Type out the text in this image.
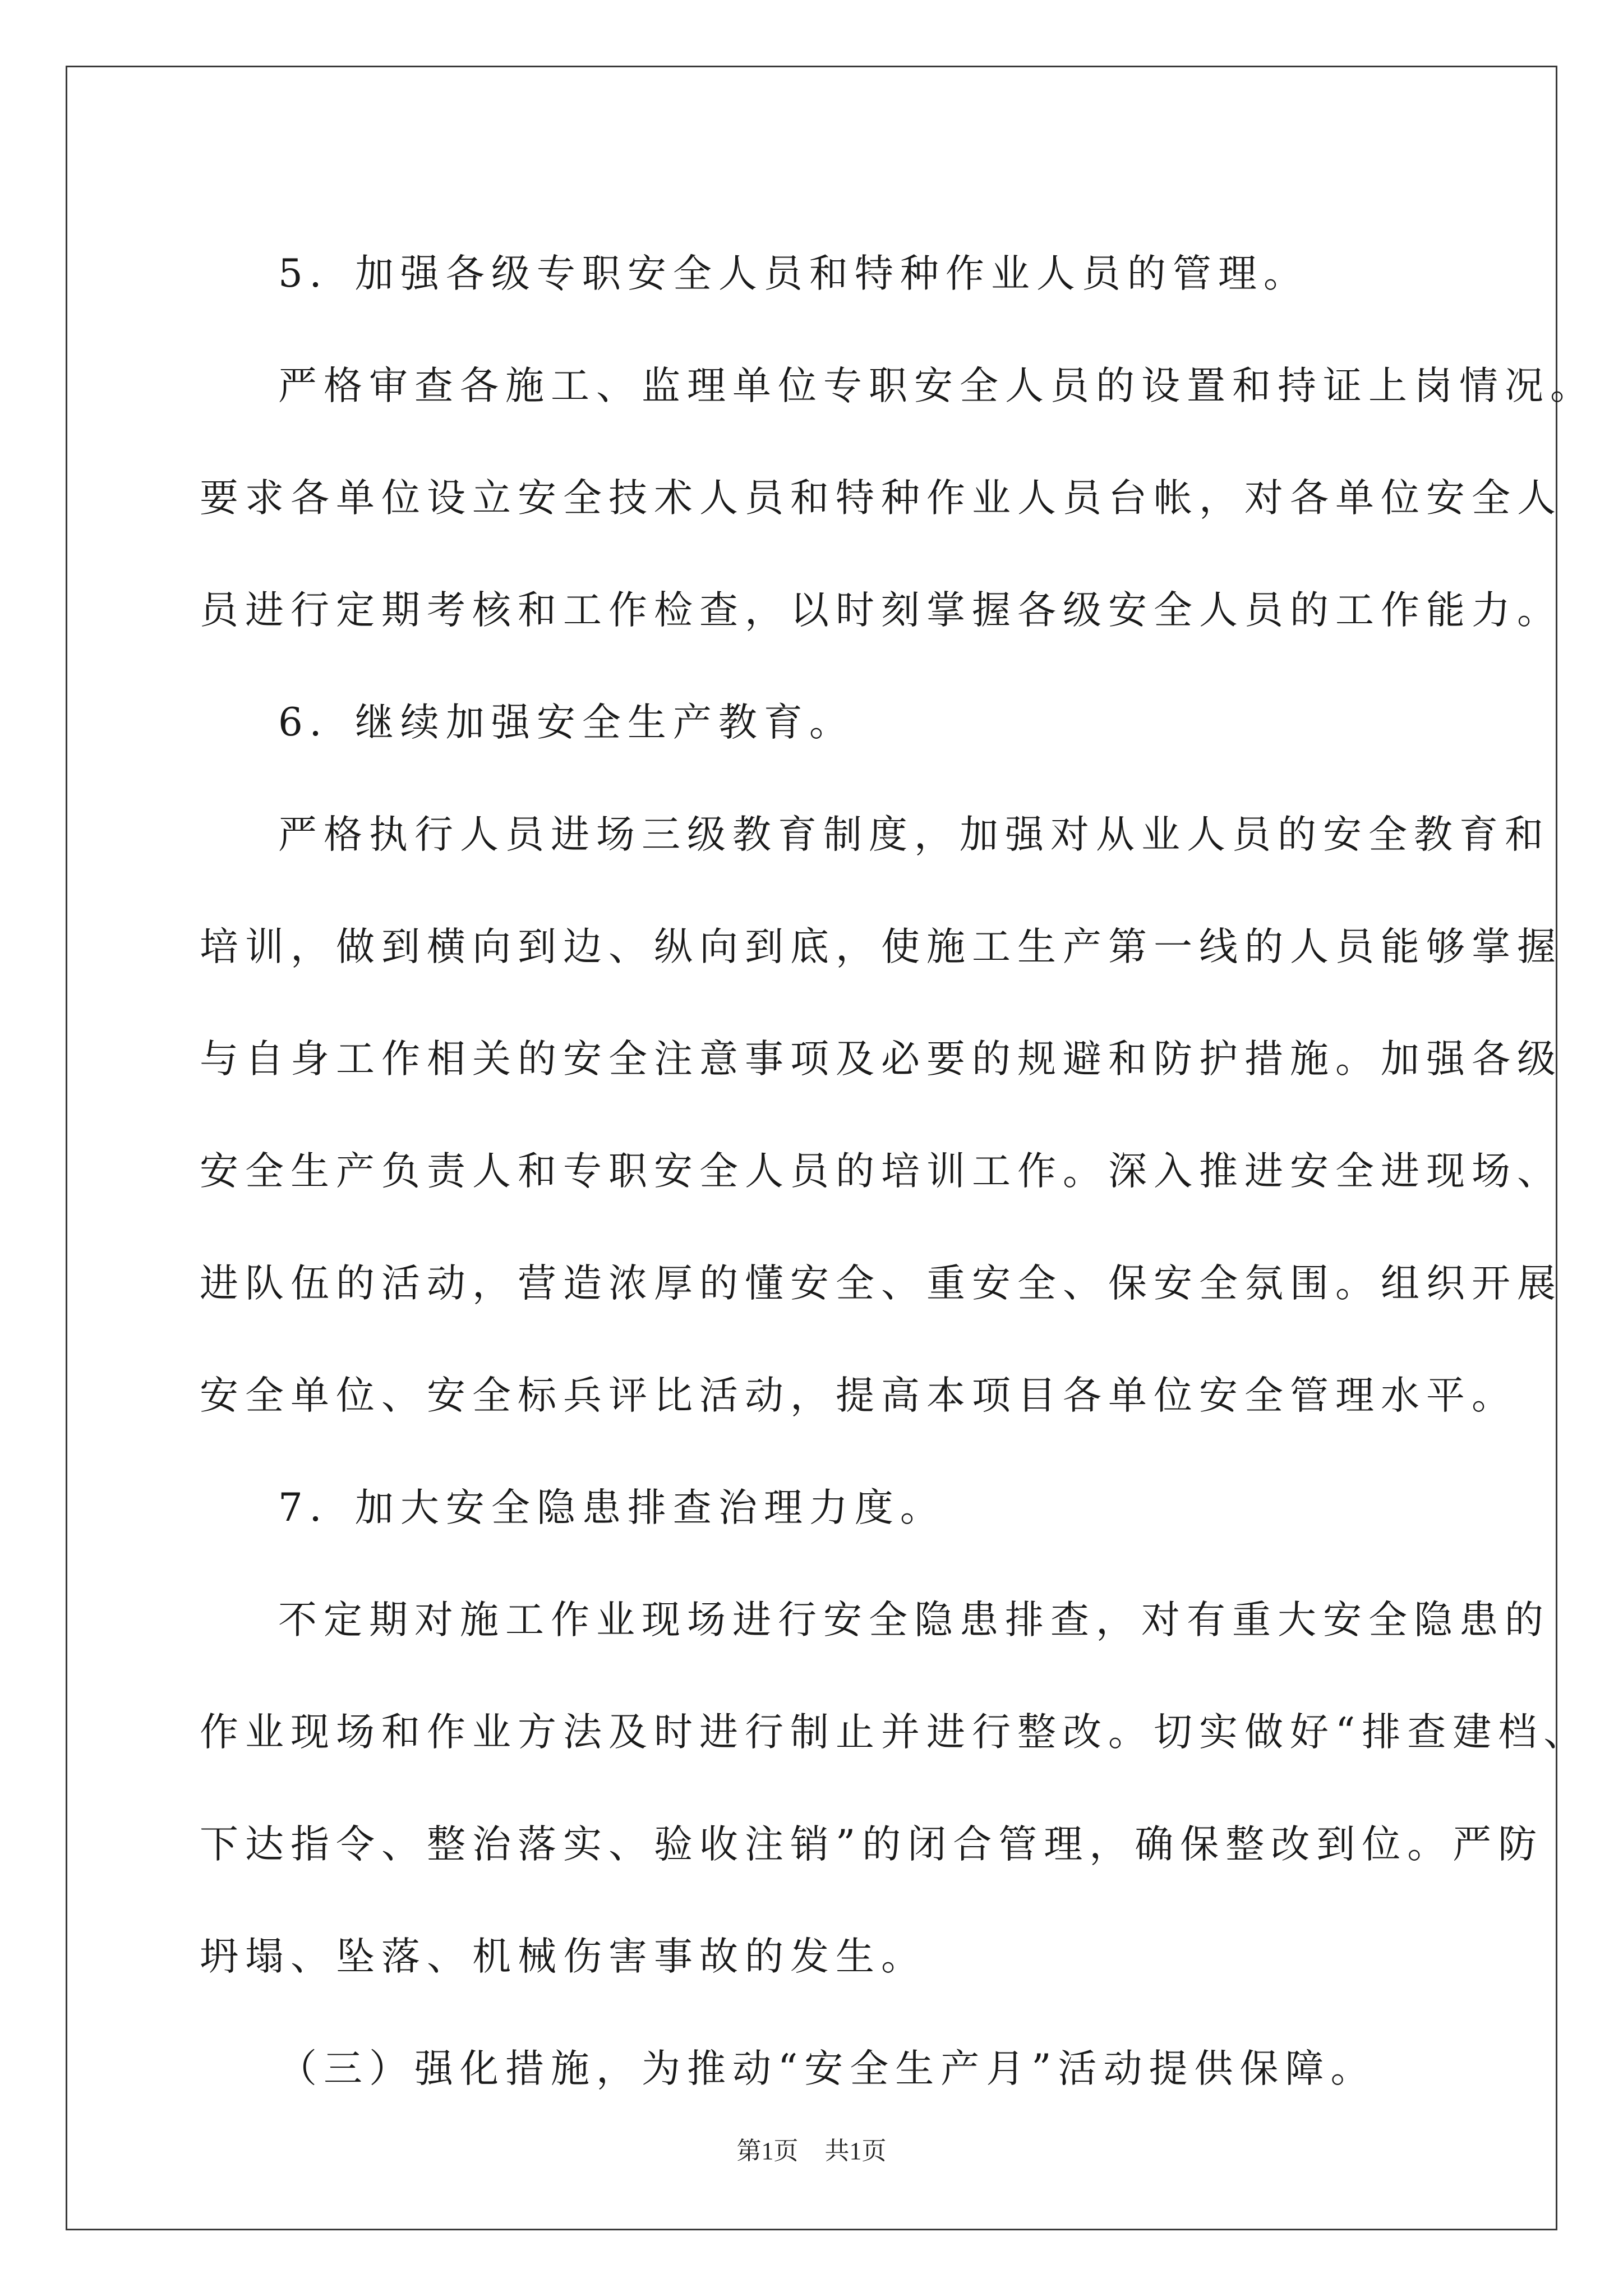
5．加强各级专职安全人员和特种作业人员的管理。
严格审查各施工、监理单位专职安全人员的设置和持证上岗情况。
要求各单位设立安全技术人员和特种作业人员台帐，对各单位安全人
员进行定期考核和工作检查，以时刻掌握各级安全人员的工作能力。
6．继续加强安全生产教育。
严格执行人员进场三级教育制度，加强对从业人员的安全教育和
培训，做到横向到边、纵向到底，使施工生产第一线的人员能够掌握
与自身工作相关的安全注意事项及必要的规避和防护措施。加强各级
安全生产负责人和专职安全人员的培训工作。深入推进安全进现场、
进队伍的活动，营造浓厚的懂安全、重安全、保安全氛围。组织开展
安全单位、安全标兵评比活动，提高本项目各单位安全管理水平。
7．加大安全隐患排查治理力度。
不定期对施工作业现场进行安全隐患排查，对有重大安全隐患的
作业现场和作业方法及时进行制止并进行整改。切实做好“排查建档、
下达指令、整治落实、验收注销”的闭合管理，确保整改到位。严防
坍塌、坠落、机械伤害事故的发生。
（三）强化措施，为推动“安全生产月”活动提供保障。

第1页 共1页
